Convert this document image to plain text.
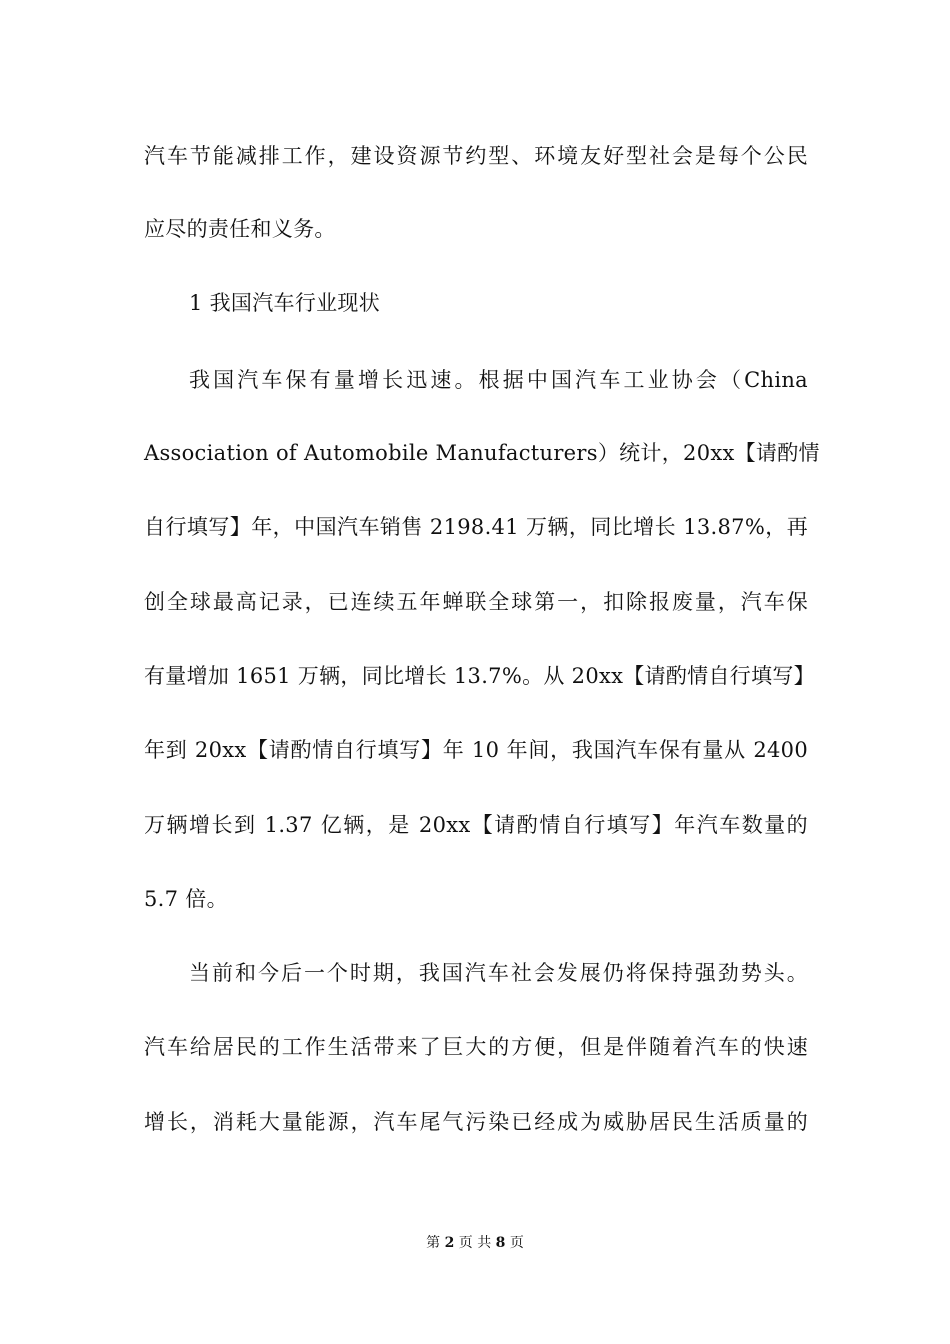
汽车节能减排工作，建设资源节约型、环境友好型社会是每个公民
应尽的责任和义务。
1 我国汽车行业现状
我国汽车保有量增长迅速。根据中国汽车工业协会（China
Association of Automobile Manufacturers）统计，20xx【请酌情
自行填写】年，中国汽车销售 2198.41 万辆，同比增长 13.87%，再
创全球最高记录，已连续五年蝉联全球第一，扣除报废量，汽车保
有量增加 1651 万辆，同比增长 13.7%。从 20xx【请酌情自行填写】
年到 20xx【请酌情自行填写】年 10 年间，我国汽车保有量从 2400
万辆增长到 1.37 亿辆，是 20xx【请酌情自行填写】年汽车数量的
5.7 倍。
当前和今后一个时期，我国汽车社会发展仍将保持强劲势头。
汽车给居民的工作生活带来了巨大的方便，但是伴随着汽车的快速
增长，消耗大量能源，汽车尾气污染已经成为威胁居民生活质量的
第 2 页 共 8 页
